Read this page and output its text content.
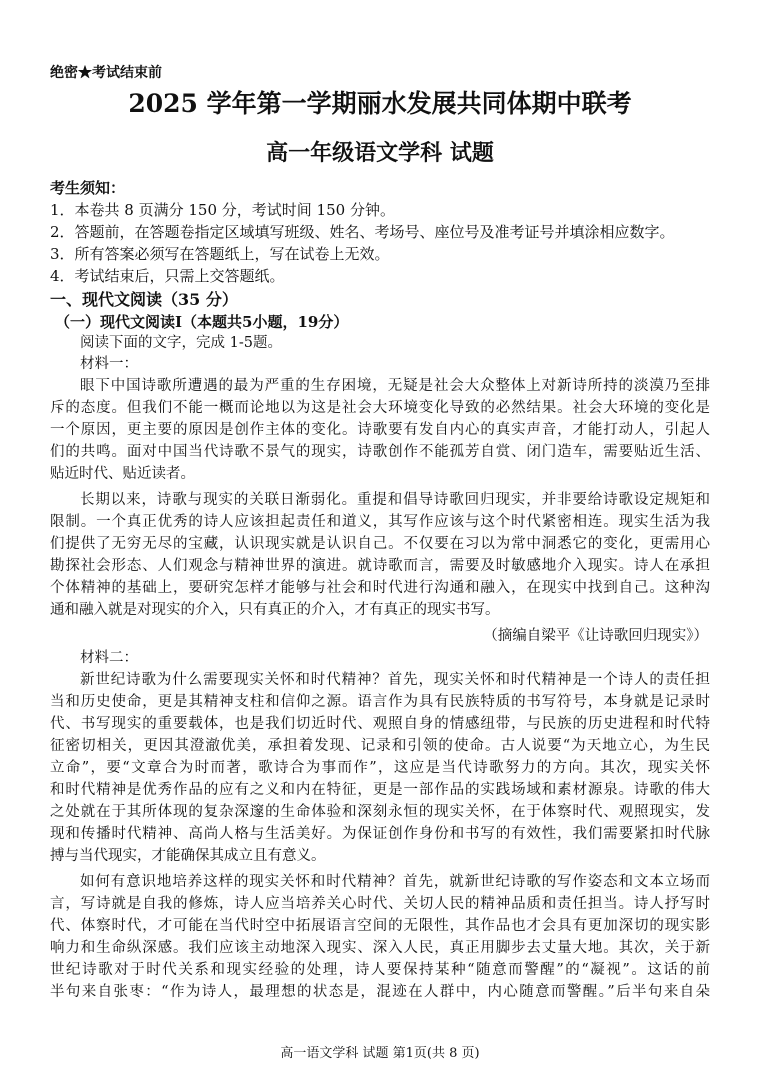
绝密★考试结束前
2025 学年第一学期丽水发展共同体期中联考
高一年级语文学科 试题
考生须知：
1．本卷共 8 页满分 150 分，考试时间 150 分钟。
2．答题前，在答题卷指定区域填写班级、姓名、考场号、座位号及准考证号并填涂相应数字。
3．所有答案必须写在答题纸上，写在试卷上无效。
4．考试结束后，只需上交答题纸。
一、现代文阅读（35 分）
（一）现代文阅读Ⅰ（本题共5小题，19分）
阅读下面的文字，完成 1-5题。
材料一：
眼下中国诗歌所遭遇的最为严重的生存困境，无疑是社会大众整体上对新诗所持的淡漠乃至排
斥的态度。但我们不能一概而论地以为这是社会大环境变化导致的必然结果。社会大环境的变化是
一个原因，更主要的原因是创作主体的变化。诗歌要有发自内心的真实声音，才能打动人，引起人
们的共鸣。面对中国当代诗歌不景气的现实，诗歌创作不能孤芳自赏、闭门造车，需要贴近生活、
贴近时代、贴近读者。
长期以来，诗歌与现实的关联日渐弱化。重提和倡导诗歌回归现实，并非要给诗歌设定规矩和
限制。一个真正优秀的诗人应该担起责任和道义，其写作应该与这个时代紧密相连。现实生活为我
们提供了无穷无尽的宝藏，认识现实就是认识自己。不仅要在习以为常中洞悉它的变化，更需用心
勘探社会形态、人们观念与精神世界的演进。就诗歌而言，需要及时敏感地介入现实。诗人在承担
个体精神的基础上，要研究怎样才能够与社会和时代进行沟通和融入，在现实中找到自己。这种沟
通和融入就是对现实的介入，只有真正的介入，才有真正的现实书写。
（摘编自梁平《让诗歌回归现实》）
材料二：
新世纪诗歌为什么需要现实关怀和时代精神？首先，现实关怀和时代精神是一个诗人的责任担
当和历史使命，更是其精神支柱和信仰之源。语言作为具有民族特质的书写符号，本身就是记录时
代、书写现实的重要载体，也是我们切近时代、观照自身的情感纽带，与民族的历史进程和时代特
征密切相关，更因其澄澈优美，承担着发现、记录和引领的使命。古人说要“为天地立心，为生民
立命”，要“文章合为时而著，歌诗合为事而作”，这应是当代诗歌努力的方向。其次，现实关怀
和时代精神是优秀作品的应有之义和内在特征，更是一部作品的实践场域和素材源泉。诗歌的伟大
之处就在于其所体现的复杂深邃的生命体验和深刻永恒的现实关怀，在于体察时代、观照现实，发
现和传播时代精神、高尚人格与生活美好。为保证创作身份和书写的有效性，我们需要紧扣时代脉
搏与当代现实，才能确保其成立且有意义。
如何有意识地培养这样的现实关怀和时代精神？首先，就新世纪诗歌的写作姿态和文本立场而
言，写诗就是自我的修炼，诗人应当培养关心时代、关切人民的精神品质和责任担当。诗人抒写时
代、体察时代，才可能在当代时空中拓展语言空间的无限性，其作品也才会具有更加深切的现实影
响力和生命纵深感。我们应该主动地深入现实、深入人民，真正用脚步去丈量大地。其次，关于新
世纪诗歌对于时代关系和现实经验的处理，诗人要保持某种“随意而警醒”的“凝视”。这话的前
半句来自张枣：“作为诗人，最理想的状态是，混迹在人群中，内心随意而警醒。”后半句来自朵
高一语文学科 试题 第1页(共 8 页)
